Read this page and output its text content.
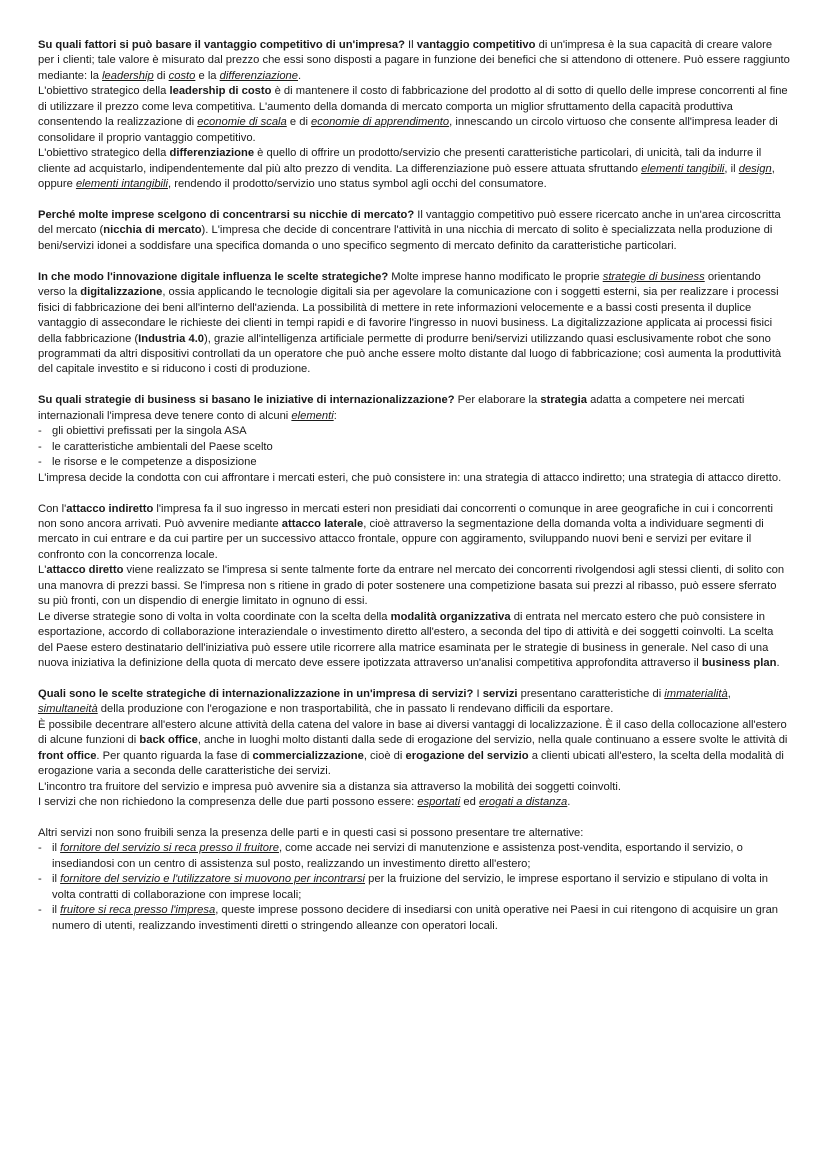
Su quali fattori si può basare il vantaggio competitivo di un'impresa? Il vantaggio competitivo di un'impresa è la sua capacità di creare valore per i clienti; tale valore è misurato dal prezzo che essi sono disposti a pagare in funzione dei benefici che si attendono di ottenere. Può essere raggiunto mediante: la leadership di costo e la differenziazione.

L'obiettivo strategico della leadership di costo è di mantenere il costo di fabbricazione del prodotto al di sotto di quello delle imprese concorrenti al fine di utilizzare il prezzo come leva competitiva. L'aumento della domanda di mercato comporta un miglior sfruttamento della capacità produttiva consentendo la realizzazione di economie di scala e di economie di apprendimento, innescando un circolo virtuoso che consente all'impresa leader di consolidare il proprio vantaggio competitivo.

L'obiettivo strategico della differenziazione è quello di offrire un prodotto/servizio che presenti caratteristiche particolari, di unicità, tali da indurre il cliente ad acquistarlo, indipendentemente dal più alto prezzo di vendita. La differenziazione può essere attuata sfruttando elementi tangibili, il design, oppure elementi intangibili, rendendo il prodotto/servizio uno status symbol agli occhi del consumatore.

Perché molte imprese scelgono di concentrarsi su nicchie di mercato? Il vantaggio competitivo può essere ricercato anche in un'area circoscritta del mercato (nicchia di mercato). L'impresa che decide di concentrare l'attività in una nicchia di mercato di solito è specializzata nella produzione di beni/servizi idonei a soddisfare una specifica domanda o uno specifico segmento di mercato definito da caratteristiche particolari.

In che modo l'innovazione digitale influenza le scelte strategiche? Molte imprese hanno modificato le proprie strategie di business orientando verso la digitalizzazione, ossia applicando le tecnologie digitali sia per agevolare la comunicazione con i soggetti esterni, sia per realizzare i processi fisici di fabbricazione dei beni all'interno dell'azienda. La possibilità di mettere in rete informazioni velocemente e a bassi costi presenta il duplice vantaggio di assecondare le richieste dei clienti in tempi rapidi e di favorire l'ingresso in nuovi business. La digitalizzazione applicata ai processi fisici della fabbricazione (Industria 4.0), grazie all'intelligenza artificiale permette di produrre beni/servizi utilizzando quasi esclusivamente robot che sono programmati da altri dispositivi controllati da un operatore che può anche essere molto distante dal luogo di fabbricazione; così aumenta la produttività del capitale investito e si riducono i costi di produzione.

Su quali strategie di business si basano le iniziative di internazionalizzazione? Per elaborare la strategia adatta a competere nei mercati internazionali l'impresa deve tenere conto di alcuni elementi:

- gli obiettivi prefissati per la singola ASA
- le caratteristiche ambientali del Paese scelto
- le risorse e le competenze a disposizione

L'impresa decide la condotta con cui affrontare i mercati esteri, che può consistere in: una strategia di attacco indiretto; una strategia di attacco diretto.

Con l'attacco indiretto l'impresa fa il suo ingresso in mercati esteri non presidiati dai concorrenti o comunque in aree geografiche in cui i concorrenti non sono ancora arrivati. Può avvenire mediante attacco laterale, cioè attraverso la segmentazione della domanda volta a individuare segmenti di mercato in cui entrare e da cui partire per un successivo attacco frontale, oppure con aggiramento, sviluppando nuovi beni e servizi per evitare il confronto con la concorrenza locale.

L'attacco diretto viene realizzato se l'impresa si sente talmente forte da entrare nel mercato dei concorrenti rivolgendosi agli stessi clienti, di solito con una manovra di prezzi bassi. Se l'impresa non s ritiene in grado di poter sostenere una competizione basata sui prezzi al ribasso, può essere sferrato su più fronti, con un dispendio di energie limitato in ognuno di essi.

Le diverse strategie sono di volta in volta coordinate con la scelta della modalità organizzativa di entrata nel mercato estero che può consistere in esportazione, accordo di collaborazione interaziendale o investimento diretto all'estero, a seconda del tipo di attività e dei soggetti coinvolti. La scelta del Paese estero destinatario dell'iniziativa può essere utile ricorrere alla matrice esaminata per le strategie di business in generale. Nel caso di una nuova iniziativa la definizione della quota di mercato deve essere ipotizzata attraverso un'analisi competitiva approfondita attraverso il business plan.

Quali sono le scelte strategiche di internazionalizzazione in un'impresa di servizi? I servizi presentano caratteristiche di immaterialità, simultaneità della produzione con l'erogazione e non trasportabilità, che in passato li rendevano difficili da esportare.

È possibile decentrare all'estero alcune attività della catena del valore in base ai diversi vantaggi di localizzazione. È il caso della collocazione all'estero di alcune funzioni di back office, anche in luoghi molto distanti dalla sede di erogazione del servizio, nella quale continuano a essere svolte le attività di front office. Per quanto riguarda la fase di commercializzazione, cioè di erogazione del servizio a clienti ubicati all'estero, la scelta della modalità di erogazione varia a seconda delle caratteristiche dei servizi.

L'incontro tra fruitore del servizio e impresa può avvenire sia a distanza sia attraverso la mobilità dei soggetti coinvolti.

I servizi che non richiedono la compresenza delle due parti possono essere: esportati ed erogati a distanza.

Altri servizi non sono fruibili senza la presenza delle parti e in questi casi si possono presentare tre alternative:

- il fornitore del servizio si reca presso il fruitore, come accade nei servizi di manutenzione e assistenza post-vendita, esportando il servizio, o insediandosi con un centro di assistenza sul posto, realizzando un investimento diretto all'estero;
- il fornitore del servizio e l'utilizzatore si muovono per incontrarsi per la fruizione del servizio, le imprese esportano il servizio e stipulano di volta in volta contratti di collaborazione con imprese locali;
- il fruitore si reca presso l'impresa, queste imprese possono decidere di insediarsi con unità operative nei Paesi in cui ritengono di acquisire un gran numero di utenti, realizzando investimenti diretti o stringendo alleanze con operatori locali.
